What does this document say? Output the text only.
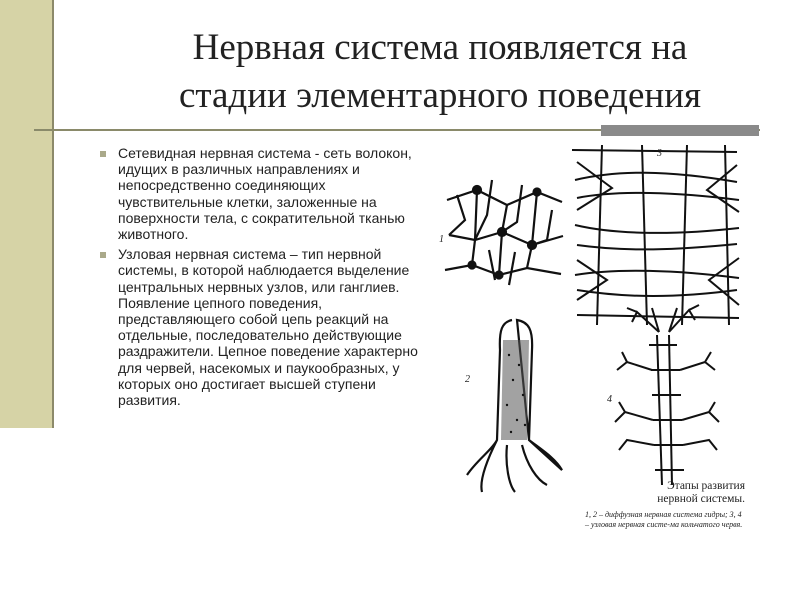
Нервная система появляется на
стадии элементарного поведения

Сетевидная нервная система - сеть волокон, идущих в различных направлениях и непосредственно соединяющих чувствительные клетки, заложенные на поверхности тела, с сократительной тканью животного.

Узловая нервная система – тип нервной системы, в которой наблюдается выделение центральных нервных узлов, или ганглиев. Появление цепного поведения, представляющего собой цепь реакций на отдельные, последовательно действующие раздражители. Цепное поведение характерно для червей, насекомых и паукообразных, у которых оно достигает высшей ступени развития.

1
3
2
4

Этапы развития
нервной системы.

1, 2 – диффузная нервная система гидры; 3, 4 – узловая нервная систе-ма кольчатого червя.
